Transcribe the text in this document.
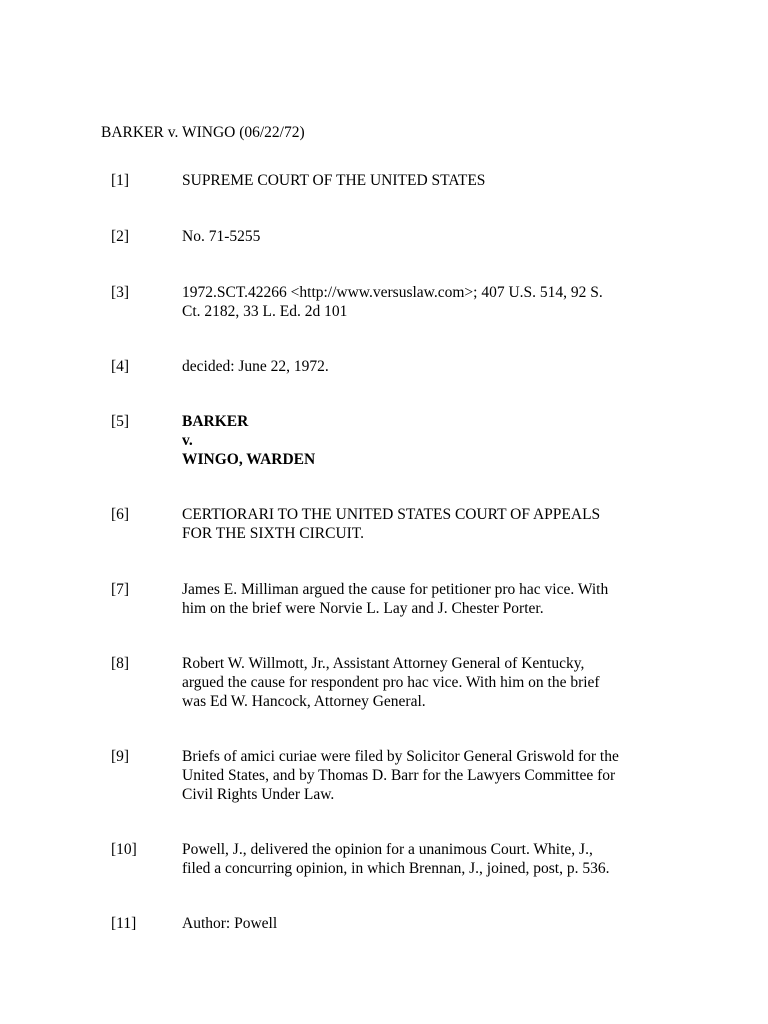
BARKER v. WINGO (06/22/72)
[1]	SUPREME COURT OF THE UNITED STATES
[2]	No. 71-5255
[3]	1972.SCT.42266 <http://www.versuslaw.com>; 407 U.S. 514, 92 S.
Ct. 2182, 33 L. Ed. 2d 101
[4]	decided: June 22, 1972.
[5]	BARKER
v.
WINGO, WARDEN
[6]	CERTIORARI TO THE UNITED STATES COURT OF APPEALS
FOR THE SIXTH CIRCUIT.
[7]	James E. Milliman argued the cause for petitioner pro hac vice. With
him on the brief were Norvie L. Lay and J. Chester Porter.
[8]	Robert W. Willmott, Jr., Assistant Attorney General of Kentucky,
argued the cause for respondent pro hac vice. With him on the brief
was Ed W. Hancock, Attorney General.
[9]	Briefs of amici curiae were filed by Solicitor General Griswold for the
United States, and by Thomas D. Barr for the Lawyers Committee for
Civil Rights Under Law.
[10]	Powell, J., delivered the opinion for a unanimous Court. White, J.,
filed a concurring opinion, in which Brennan, J., joined, post, p. 536.
[11]	Author: Powell
